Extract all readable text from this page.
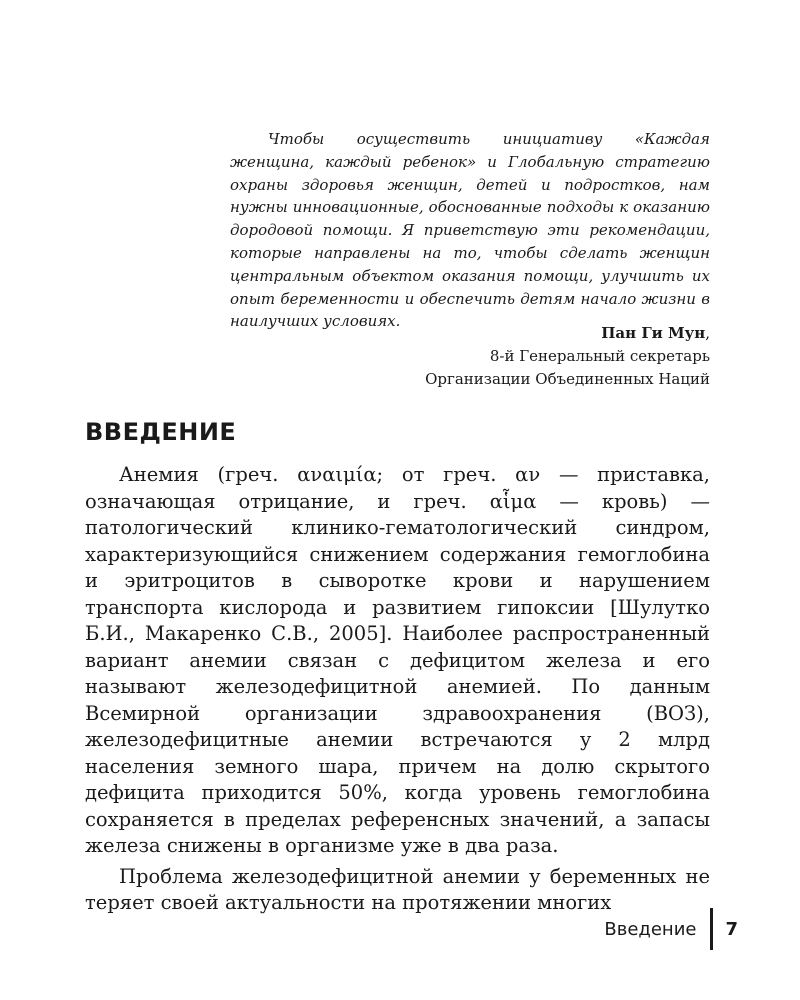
Чтобы осуществить инициативу «Каждая женщина, каждый ребенок» и Глобальную стратегию охраны здоровья женщин, детей и подростков, нам нужны инновационные, обоснованные подходы к оказанию дородовой помощи. Я приветствую эти рекомендации, которые направлены на то, чтобы сделать женщин центральным объектом оказания помощи, улучшить их опыт беременности и обеспечить детям начало жизни в наилучших условиях.

Пан Ги Мун,
8-й Генеральный секретарь
Организации Объединенных Наций
ВВЕДЕНИЕ

Анемия (греч. αναιμία; от греч. αν — приставка, означающая отрицание, и греч. αἷμα — кровь) — патологический клинико-гематологический синдром, характеризующийся снижением содержания гемоглобина и эритроцитов в сыворотке крови и нарушением транспорта кислорода и развитием гипоксии [Шулутко Б.И., Макаренко С.В., 2005]. Наиболее распространенный вариант анемии связан с дефицитом железа и его называют железодефицитной анемией. По данным Всемирной организации здравоохранения (ВОЗ), железодефицитные анемии встречаются у 2 млрд населения земного шара, причем на долю скрытого дефицита приходится 50%, когда уровень гемоглобина сохраняется в пределах референсных значений, а запасы железа снижены в организме уже в два раза.

Проблема железодефицитной анемии у беременных не теряет своей актуальности на протяжении многих

Введение 7
